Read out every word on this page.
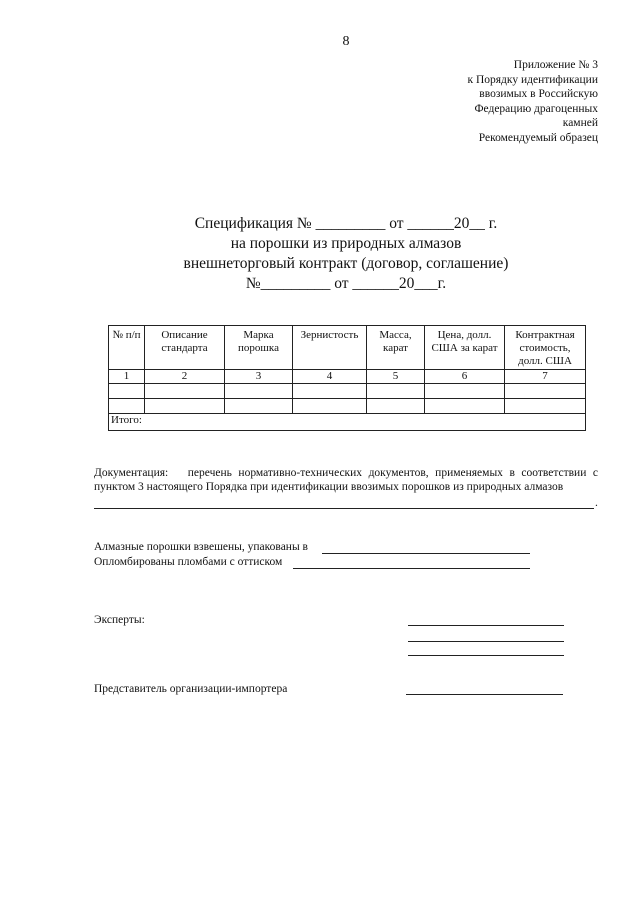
8
Приложение № 3
к Порядку идентификации
ввозимых в Российскую
Федерацию драгоценных
камней
Рекомендуемый образец
Спецификация № _________ от ______20__ г.
на порошки из природных алмазов
внешнеторговый контракт (договор, соглашение)
№_________ от ______20___г.
№ п/п	Описание стандарта	Марка порошка	Зернистость	Масса, карат	Цена, долл. США за карат	Контрактная стоимость, долл. США
1	2	3	4	5	6	7

Итого:						
Документация: перечень нормативно-технических документов, применяемых в соответствии с пунктом 3 настоящего Порядка при идентификации ввозимых порошков из природных алмазов
.
Алмазные порошки взвешены, упакованы в
Опломбированы пломбами с оттиском
Эксперты:
Представитель организации-импортера
